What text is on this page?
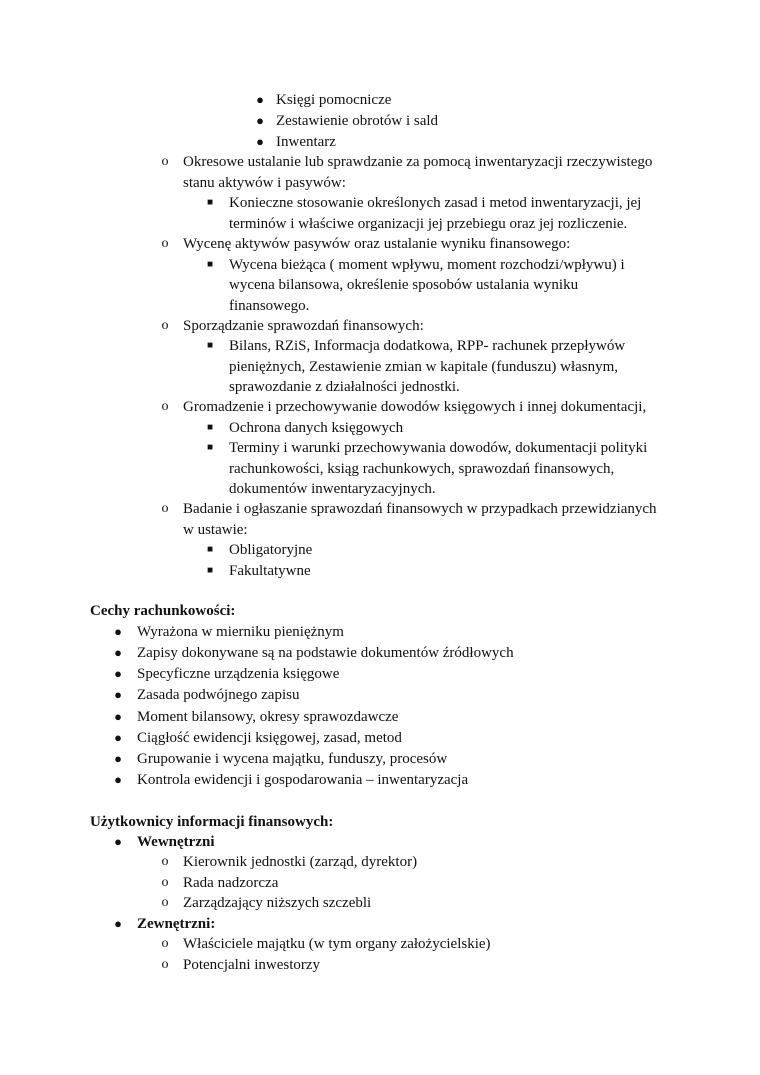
● Księgi pomocnicze
● Zestawienie obrotów i sald
● Inwentarz
o Okresowe ustalanie lub sprawdzanie za pomocą inwentaryzacji rzeczywistego
stanu aktywów i pasywów:
■ Konieczne stosowanie określonych zasad i metod inwentaryzacji, jej
terminów i właściwe organizacji jej przebiegu oraz jej rozliczenie.
o Wycenę aktywów pasywów oraz ustalanie wyniku finansowego:
■ Wycena bieżąca ( moment wpływu, moment rozchodzi/wpływu) i
wycena bilansowa, określenie sposobów ustalania wyniku
finansowego.
o Sporządzanie sprawozdań finansowych:
■ Bilans, RZiS, Informacja dodatkowa, RPP- rachunek przepływów
pieniężnych, Zestawienie zmian w kapitale (funduszu) własnym,
sprawozdanie z działalności jednostki.
o Gromadzenie i przechowywanie dowodów księgowych i innej dokumentacji,
■ Ochrona danych księgowych
■ Terminy i warunki przechowywania dowodów, dokumentacji polityki
rachunkowości, ksiąg rachunkowych, sprawozdań finansowych,
dokumentów inwentaryzacyjnych.
o Badanie i ogłaszanie sprawozdań finansowych w przypadkach przewidzianych
w ustawie:
■ Obligatoryjne
■ Fakultatywne
Cechy rachunkowości:
● Wyrażona w mierniku pieniężnym
● Zapisy dokonywane są na podstawie dokumentów źródłowych
● Specyficzne urządzenia księgowe
● Zasada podwójnego zapisu
● Moment bilansowy, okresy sprawozdawcze
● Ciągłość ewidencji księgowej, zasad, metod
● Grupowanie i wycena majątku, funduszy, procesów
● Kontrola ewidencji i gospodarowania – inwentaryzacja
Użytkownicy informacji finansowych:
● Wewnętrzni
o Kierownik jednostki (zarząd, dyrektor)
o Rada nadzorcza
o Zarządzający niższych szczebli
● Zewnętrzni:
o Właściciele majątku (w tym organy założycielskie)
o Potencjalni inwestorzy
